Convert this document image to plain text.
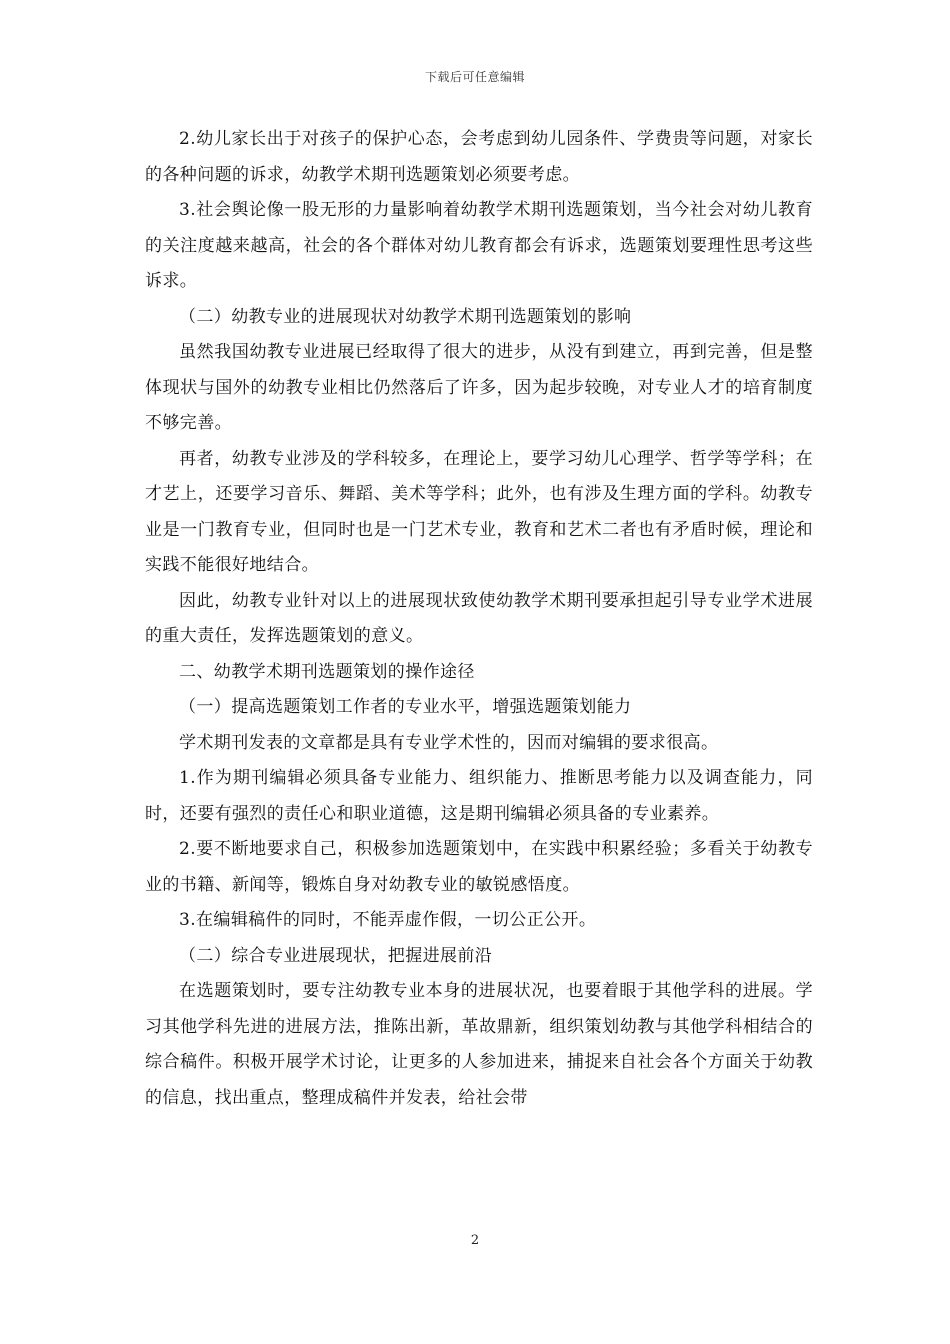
下载后可任意编辑

2.幼儿家长出于对孩子的保护心态，会考虑到幼儿园条件、学费贵等问题，对家长的各种问题的诉求，幼教学术期刊选题策划必须要考虑。

3.社会舆论像一股无形的力量影响着幼教学术期刊选题策划，当今社会对幼儿教育的关注度越来越高，社会的各个群体对幼儿教育都会有诉求，选题策划要理性思考这些诉求。

（二）幼教专业的进展现状对幼教学术期刊选题策划的影响

虽然我国幼教专业进展已经取得了很大的进步，从没有到建立，再到完善，但是整体现状与国外的幼教专业相比仍然落后了许多，因为起步较晚，对专业人才的培育制度不够完善。

再者，幼教专业涉及的学科较多，在理论上，要学习幼儿心理学、哲学等学科；在才艺上，还要学习音乐、舞蹈、美术等学科；此外，也有涉及生理方面的学科。幼教专业是一门教育专业，但同时也是一门艺术专业，教育和艺术二者也有矛盾时候，理论和实践不能很好地结合。

因此，幼教专业针对以上的进展现状致使幼教学术期刊要承担起引导专业学术进展的重大责任，发挥选题策划的意义。

二、幼教学术期刊选题策划的操作途径

（一）提高选题策划工作者的专业水平，增强选题策划能力

学术期刊发表的文章都是具有专业学术性的，因而对编辑的要求很高。

1.作为期刊编辑必须具备专业能力、组织能力、推断思考能力以及调查能力，同时，还要有强烈的责任心和职业道德，这是期刊编辑必须具备的专业素养。

2.要不断地要求自己，积极参加选题策划中，在实践中积累经验；多看关于幼教专业的书籍、新闻等，锻炼自身对幼教专业的敏锐感悟度。

3.在编辑稿件的同时，不能弄虚作假，一切公正公开。

（二）综合专业进展现状，把握进展前沿

在选题策划时，要专注幼教专业本身的进展状况，也要着眼于其他学科的进展。学习其他学科先进的进展方法，推陈出新，革故鼎新，组织策划幼教与其他学科相结合的综合稿件。积极开展学术讨论，让更多的人参加进来，捕捉来自社会各个方面关于幼教的信息，找出重点，整理成稿件并发表，给社会带

2
